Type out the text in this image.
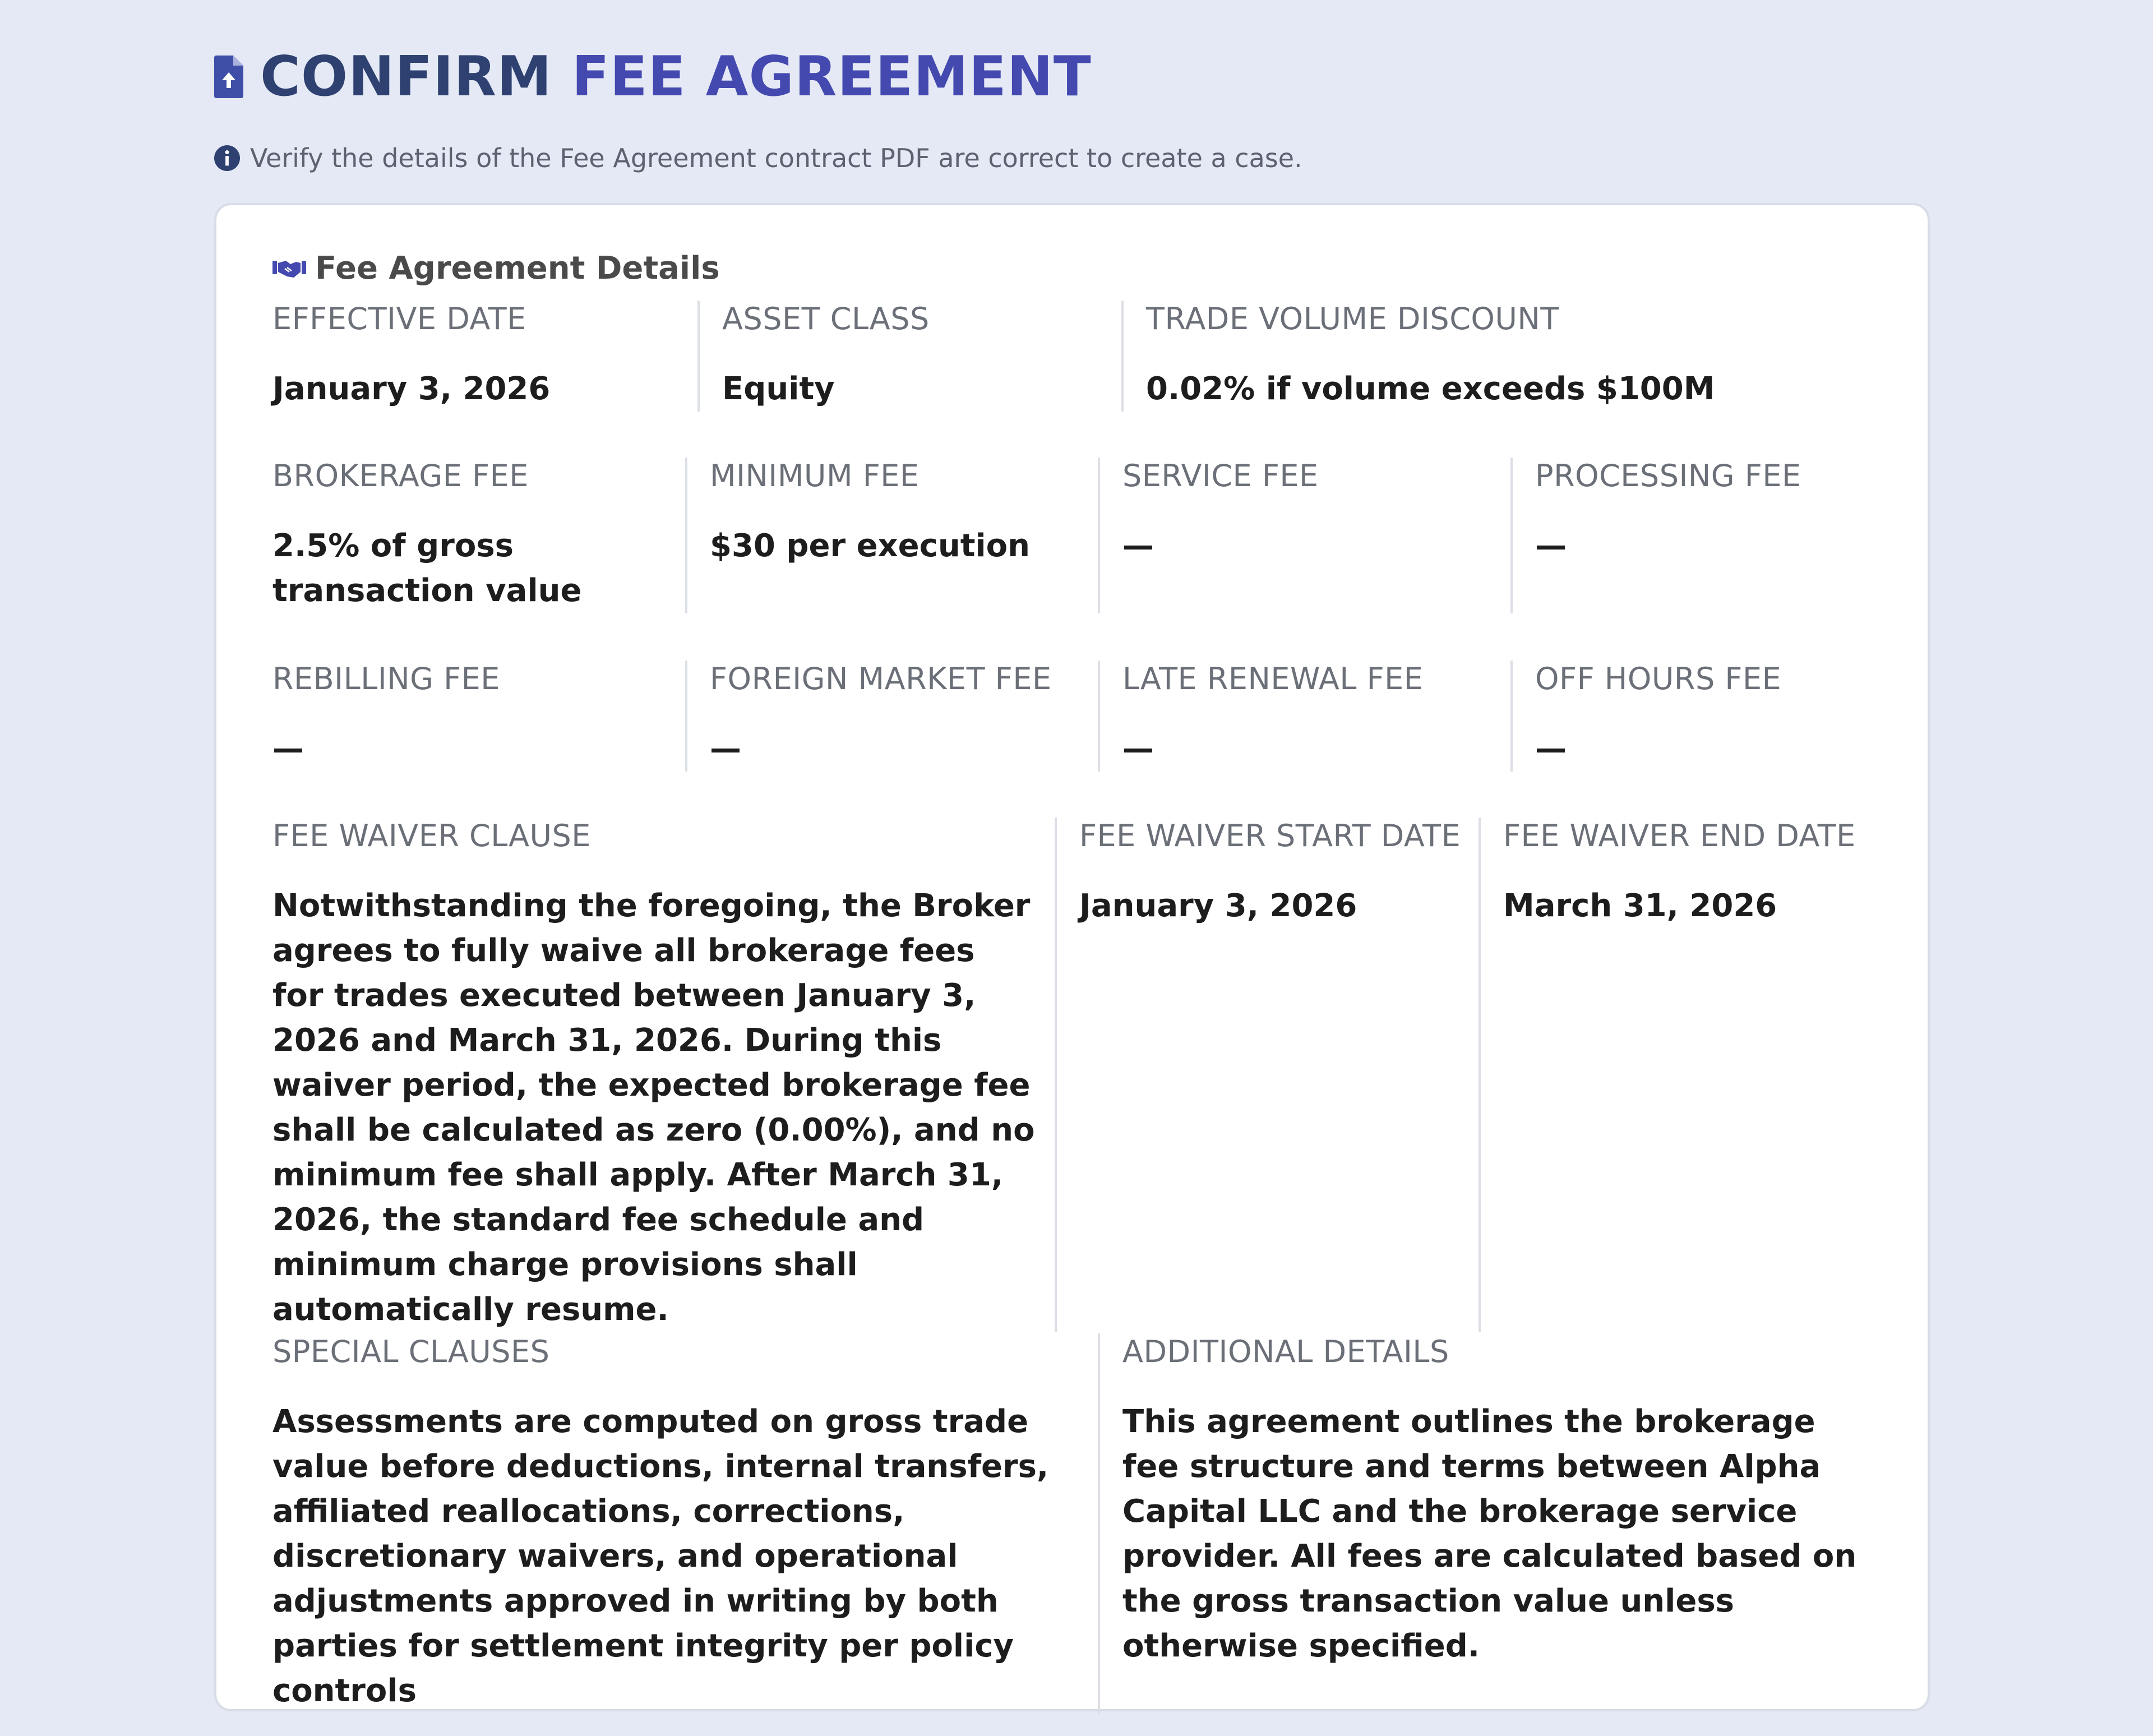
CONFIRM FEE AGREEMENT
Verify the details of the Fee Agreement contract PDF are correct to create a case.
Fee Agreement Details
EFFECTIVE DATE
January 3, 2026
ASSET CLASS
Equity
TRADE VOLUME DISCOUNT
0.02% if volume exceeds $100M
BROKERAGE FEE
2.5% of gross transaction value
MINIMUM FEE
$30 per execution
SERVICE FEE
—
PROCESSING FEE
—
REBILLING FEE
—
FOREIGN MARKET FEE
—
LATE RENEWAL FEE
—
OFF HOURS FEE
—
FEE WAIVER CLAUSE
Notwithstanding the foregoing, the Broker agrees to fully waive all brokerage fees for trades executed between January 3, 2026 and March 31, 2026. During this waiver period, the expected brokerage fee shall be calculated as zero (0.00%), and no minimum fee shall apply. After March 31, 2026, the standard fee schedule and minimum charge provisions shall automatically resume.
FEE WAIVER START DATE
January 3, 2026
FEE WAIVER END DATE
March 31, 2026
SPECIAL CLAUSES
Assessments are computed on gross trade value before deductions, internal transfers, affiliated reallocations, corrections, discretionary waivers, and operational adjustments approved in writing by both parties for settlement integrity per policy controls
ADDITIONAL DETAILS
This agreement outlines the brokerage fee structure and terms between Alpha Capital LLC and the brokerage service provider. All fees are calculated based on the gross transaction value unless otherwise specified.
